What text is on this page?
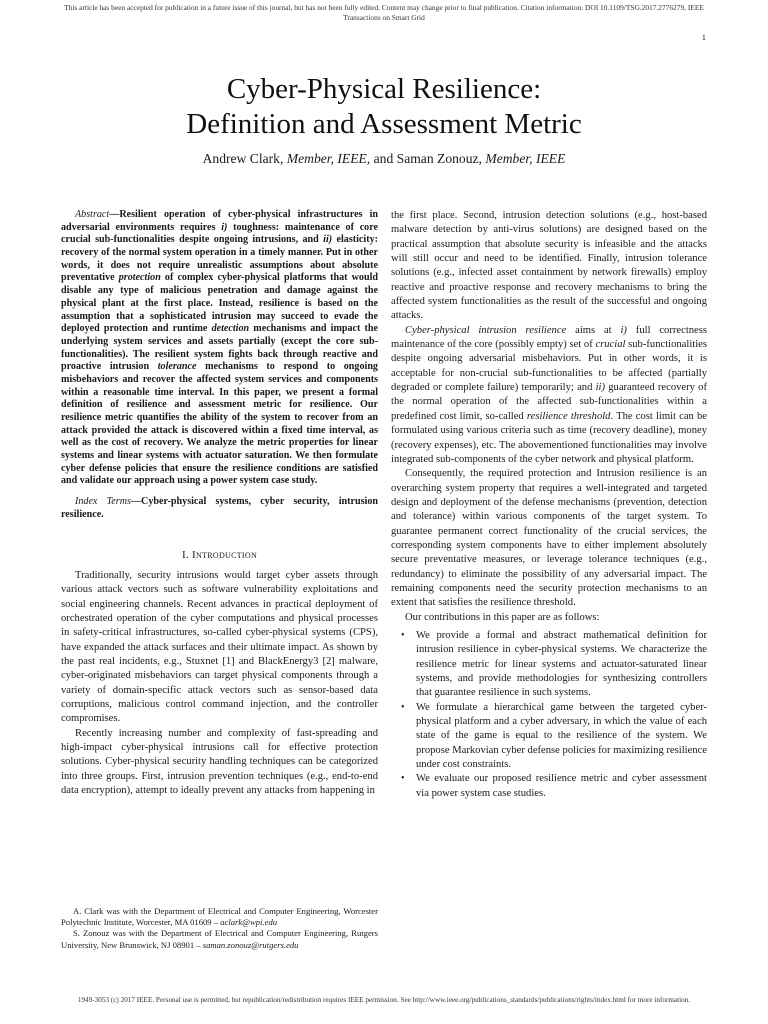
This article has been accepted for publication in a future issue of this journal, but has not been fully edited. Content may change prior to final publication. Citation information: DOI 10.1109/TSG.2017.2776279, IEEE
Transactions on Smart Grid
1
Cyber-Physical Resilience:
Definition and Assessment Metric
Andrew Clark, Member, IEEE, and Saman Zonouz, Member, IEEE

Abstract—Resilient operation of cyber-physical infrastructures in adversarial environments requires i) toughness: maintenance of core crucial sub-functionalities despite ongoing intrusions, and ii) elasticity: recovery of the normal system operation in a timely manner. Put in other words, it does not require unrealistic assumptions about absolute preventative protection of complex cyber-physical platforms that would disable any type of malicious penetration and damage against the physical plant at the first place. Instead, resilience is based on the assumption that a sophisticated intrusion may succeed to evade the deployed protection and runtime detection mechanisms and impact the underlying system services and assets partially (except the core sub-functionalities). The resilient system fights back through reactive and proactive intrusion tolerance mechanisms to respond to ongoing misbehaviors and recover the affected system services and components within a reasonable time interval. In this paper, we present a formal definition of resilience and assessment metric for resilience. Our resilience metric quantifies the ability of the system to recover from an attack provided the attack is discovered within a fixed time interval, as well as the cost of recovery. We analyze the metric properties for linear systems and linear systems with actuator saturation. We then formulate cyber defense policies that ensure the resilience conditions are satisfied and validate our approach using a power system case study.

Index Terms—Cyber-physical systems, cyber security, intrusion resilience.

I. Introduction

Traditionally, security intrusions would target cyber assets through various attack vectors such as software vulnerability exploitations and social engineering channels. Recent advances in practical deployment of orchestrated operation of the cyber computations and physical processes in safety-critical infrastructures, so-called cyber-physical systems (CPS), have expanded the attack surfaces and their ultimate impact. As shown by the past real incidents, e.g., Stuxnet [1] and BlackEnergy3 [2] malware, cyber-originated misbehaviors can target physical components through a variety of domain-specific attack vectors such as sensor-based data corruptions, malicious control command injection, and the controller compromises.

Recently increasing number and complexity of fast-spreading and high-impact cyber-physical intrusions call for effective protection solutions. Cyber-physical security handling techniques can be categorized into three groups. First, intrusion prevention techniques (e.g., end-to-end data encryption), attempt to ideally prevent any attacks from happening in

the first place. Second, intrusion detection solutions (e.g., host-based malware detection by anti-virus solutions) are designed based on the practical assumption that absolute security is infeasible and the attacks will still occur and need to be identified. Finally, intrusion tolerance solutions (e.g., infected asset containment by network firewalls) employ reactive and proactive response and recovery mechanisms to bring the affected system functionalities as the result of the successful and ongoing attacks.

Cyber-physical intrusion resilience aims at i) full correctness maintenance of the core (possibly empty) set of crucial sub-functionalities despite ongoing adversarial misbehaviors. Put in other words, it is acceptable for non-crucial sub-functionalities to be affected (partially degraded or complete failure) temporarily; and ii) guaranteed recovery of the normal operation of the affected sub-functionalities within a predefined cost limit, so-called resilience threshold. The cost limit can be formulated using various criteria such as time (recovery deadline), money (recovery expenses), etc. The abovementioned functionalities may involve integrated sub-components of the cyber network and physical platform.

Consequently, the required protection and Intrusion resilience is an overarching system property that requires a well-integrated and targeted design and deployment of the defense mechanisms (prevention, detection and tolerance) within various components of the target system. To guarantee permanent correct functionality of the crucial services, the corresponding system components have to either implement absolutely secure preventative measures, or leverage tolerance techniques (e.g., redundancy) to eliminate the possibility of any adversarial impact. The remaining components need the security protection mechanisms to an extent that satisfies the resilience threshold.

Our contributions in this paper are as follows:

• We provide a formal and abstract mathematical definition for intrusion resilience in cyber-physical systems. We characterize the resilience metric for linear systems and actuator-saturated linear systems, and provide methodologies for synthesizing controllers that guarantee resilience in such systems.
• We formulate a hierarchical game between the targeted cyber-physical platform and a cyber adversary, in which the value of each state of the game is equal to the resilience of the system. We propose Markovian cyber defense policies for maximizing resilience under cost constraints.
• We evaluate our proposed resilience metric and cyber assessment via power system case studies.

A. Clark was with the Department of Electrical and Computer Engineering, Worcester Polytechnic Institute, Worcester, MA 01609 – aclark@wpi.edu

S. Zonouz was with the Department of Electrical and Computer Engineering, Rutgers University, New Brunswick, NJ 08901 – saman.zonouz@rutgers.edu

1949-3053 (c) 2017 IEEE. Personal use is permitted, but republication/redistribution requires IEEE permission. See http://www.ieee.org/publications_standards/publications/rights/index.html for more information.
